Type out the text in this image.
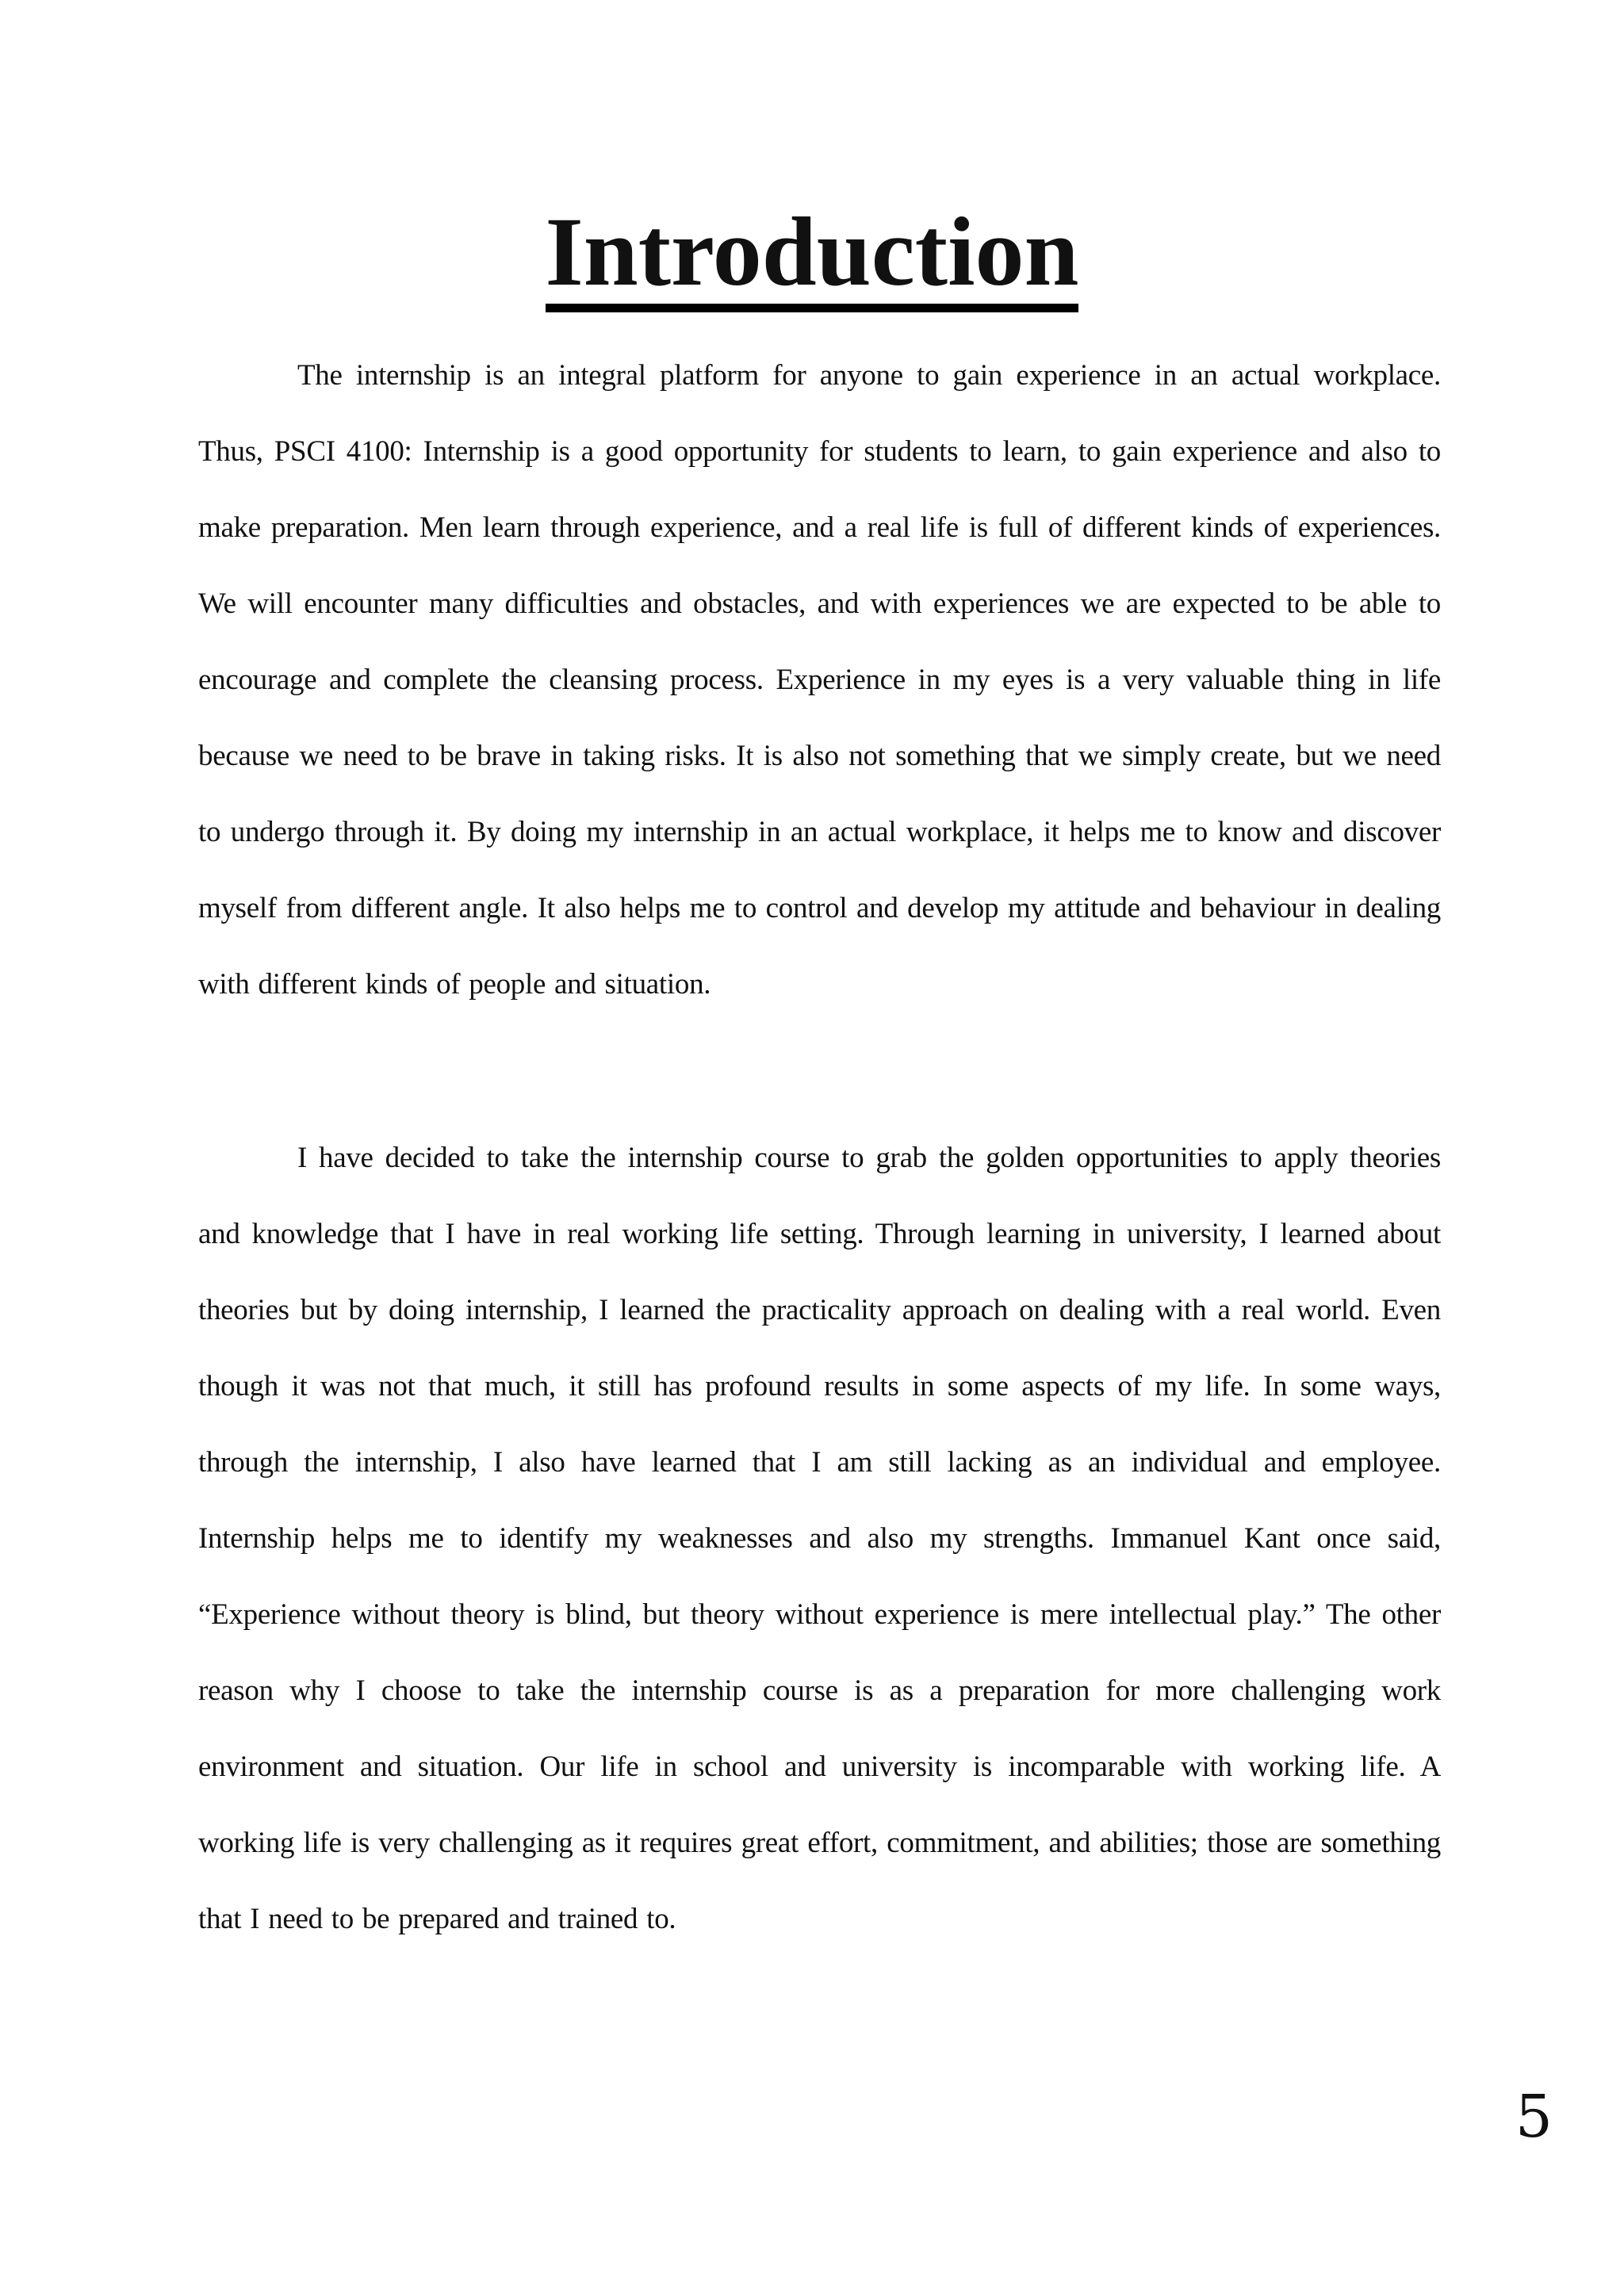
Introduction

The internship is an integral platform for anyone to gain experience in an actual workplace. Thus, PSCI 4100: Internship is a good opportunity for students to learn, to gain experience and also to make preparation. Men learn through experience, and a real life is full of different kinds of experiences. We will encounter many difficulties and obstacles, and with experiences we are expected to be able to encourage and complete the cleansing process. Experience in my eyes is a very valuable thing in life because we need to be brave in taking risks. It is also not something that we simply create, but we need to undergo through it. By doing my internship in an actual workplace, it helps me to know and discover myself from different angle. It also helps me to control and develop my attitude and behaviour in dealing with different kinds of people and situation.

I have decided to take the internship course to grab the golden opportunities to apply theories and knowledge that I have in real working life setting. Through learning in university, I learned about theories but by doing internship, I learned the practicality approach on dealing with a real world. Even though it was not that much, it still has profound results in some aspects of my life. In some ways, through the internship, I also have learned that I am still lacking as an individual and employee. Internship helps me to identify my weaknesses and also my strengths. Immanuel Kant once said, “Experience without theory is blind, but theory without experience is mere intellectual play.” The other reason why I choose to take the internship course is as a preparation for more challenging work environment and situation. Our life in school and university is incomparable with working life. A working life is very challenging as it requires great effort, commitment, and abilities; those are something that I need to be prepared and trained to.

5
